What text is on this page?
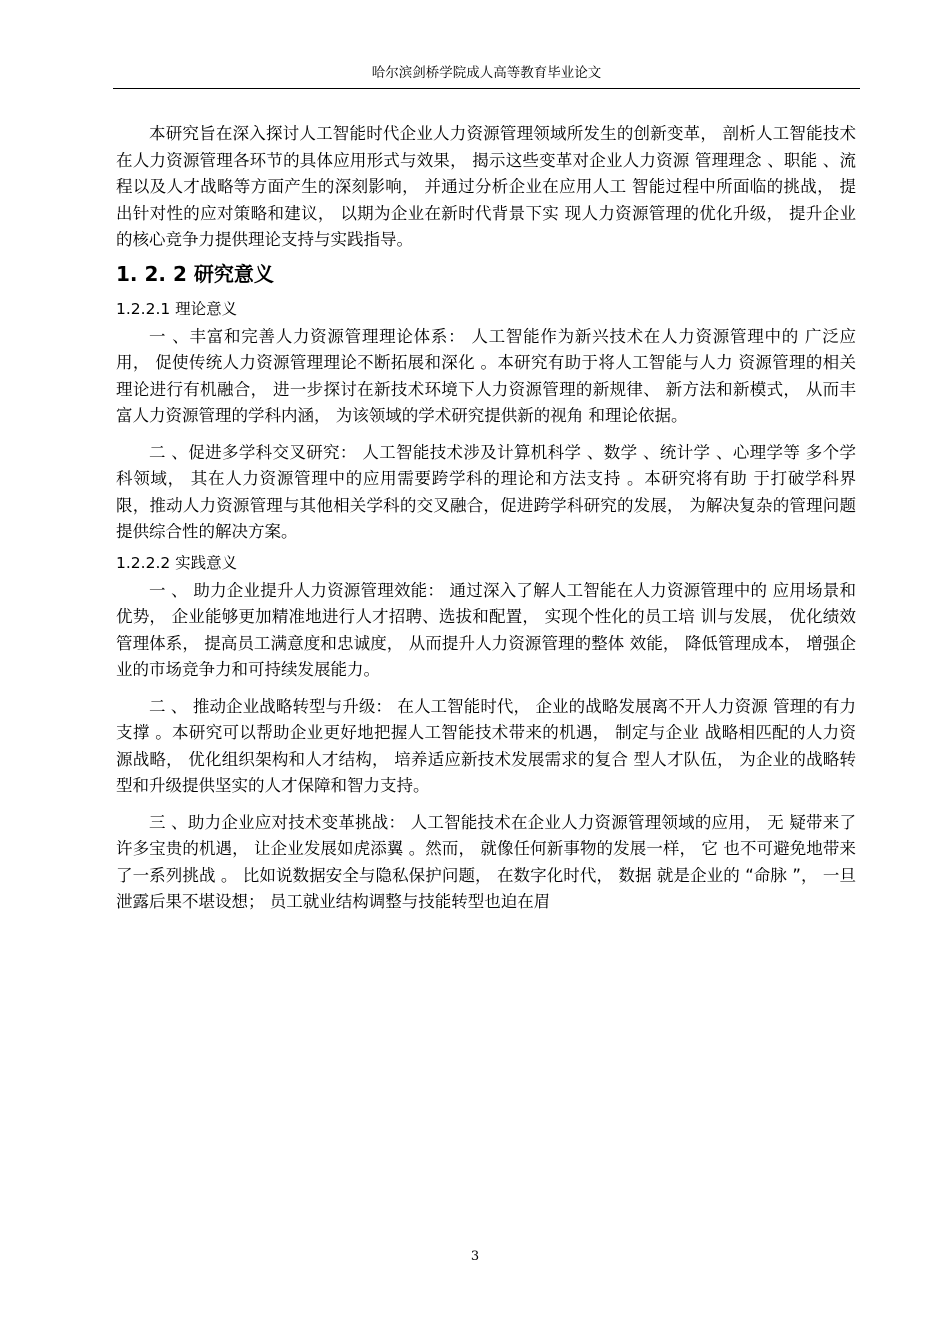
哈尔滨剑桥学院成人高等教育毕业论文

本研究旨在深入探讨人工智能时代企业人力资源管理领域所发生的创新变革， 剖析人工智能技术在人力资源管理各环节的具体应用形式与效果， 揭示这些变革对企业人力资源 管理理念 、职能 、流程以及人才战略等方面产生的深刻影响， 并通过分析企业在应用人工 智能过程中所面临的挑战， 提出针对性的应对策略和建议， 以期为企业在新时代背景下实 现人力资源管理的优化升级， 提升企业的核心竞争力提供理论支持与实践指导。

1. 2. 2 研究意义
1.2.2.1 理论意义

一 、丰富和完善人力资源管理理论体系： 人工智能作为新兴技术在人力资源管理中的 广泛应用， 促使传统人力资源管理理论不断拓展和深化 。本研究有助于将人工智能与人力 资源管理的相关理论进行有机融合， 进一步探讨在新技术环境下人力资源管理的新规律、 新方法和新模式， 从而丰富人力资源管理的学科内涵， 为该领域的学术研究提供新的视角 和理论依据。

二 、促进多学科交叉研究： 人工智能技术涉及计算机科学 、数学 、统计学 、心理学等 多个学科领域， 其在人力资源管理中的应用需要跨学科的理论和方法支持 。本研究将有助 于打破学科界限，推动人力资源管理与其他相关学科的交叉融合，促进跨学科研究的发展， 为解决复杂的管理问题提供综合性的解决方案。

1.2.2.2 实践意义

一 、 助力企业提升人力资源管理效能： 通过深入了解人工智能在人力资源管理中的 应用场景和优势， 企业能够更加精准地进行人才招聘、选拔和配置， 实现个性化的员工培 训与发展， 优化绩效管理体系， 提高员工满意度和忠诚度， 从而提升人力资源管理的整体 效能， 降低管理成本， 增强企业的市场竞争力和可持续发展能力。

二 、 推动企业战略转型与升级： 在人工智能时代， 企业的战略发展离不开人力资源 管理的有力支撑 。本研究可以帮助企业更好地把握人工智能技术带来的机遇， 制定与企业 战略相匹配的人力资源战略， 优化组织架构和人才结构， 培养适应新技术发展需求的复合 型人才队伍， 为企业的战略转型和升级提供坚实的人才保障和智力支持。

三 、助力企业应对技术变革挑战： 人工智能技术在企业人力资源管理领域的应用， 无 疑带来了许多宝贵的机遇， 让企业发展如虎添翼 。然而， 就像任何新事物的发展一样， 它 也不可避免地带来了一系列挑战 。 比如说数据安全与隐私保护问题， 在数字化时代， 数据 就是企业的 “命脉 ”， 一旦泄露后果不堪设想； 员工就业结构调整与技能转型也迫在眉

3
